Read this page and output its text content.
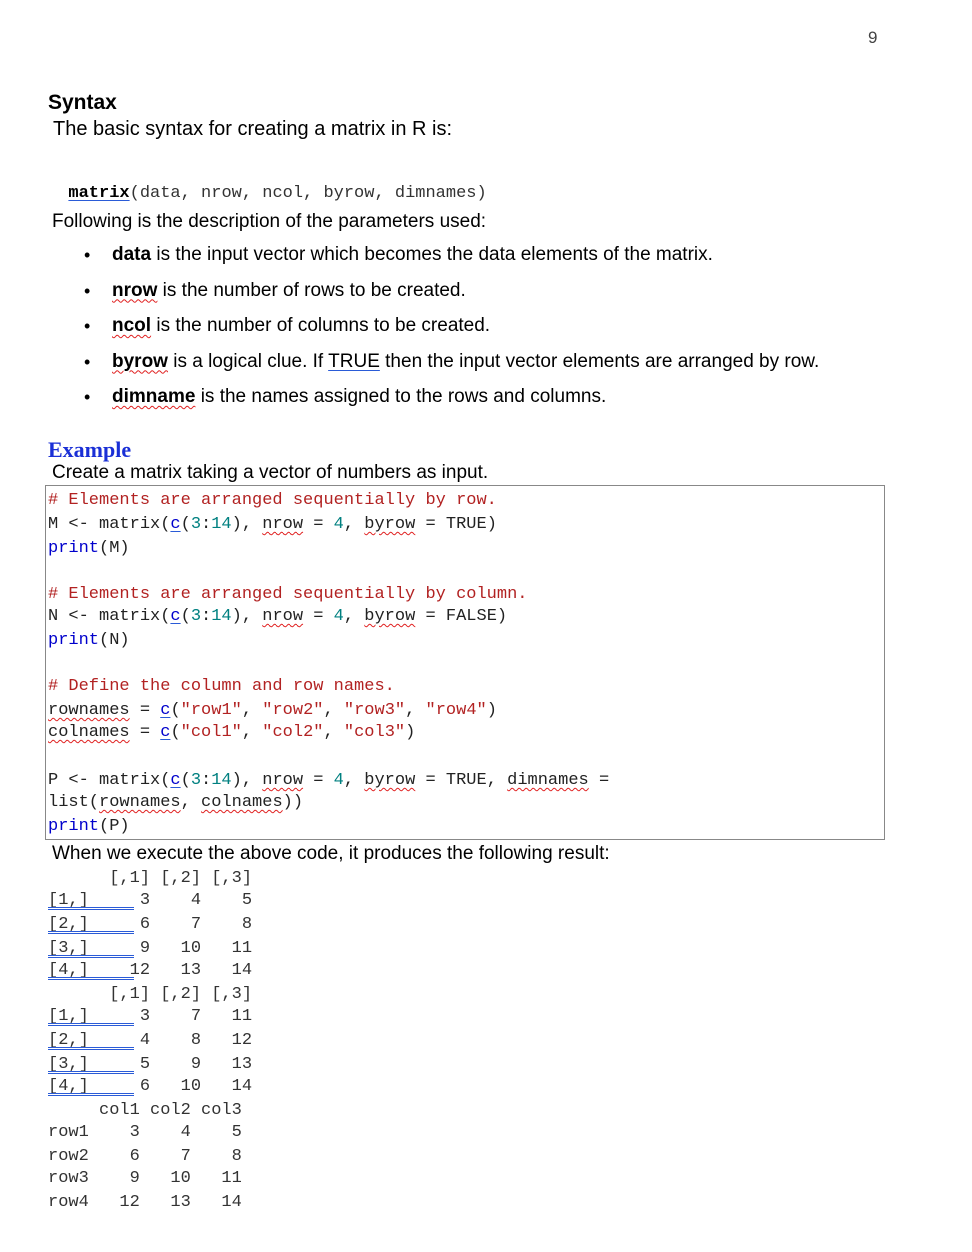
9
Syntax
The basic syntax for creating a matrix in R is:

matrix(data, nrow, ncol, byrow, dimnames)

Following is the description of the parameters used:
• data is the input vector which becomes the data elements of the matrix.
• nrow is the number of rows to be created.
• ncol is the number of columns to be created.
• byrow is a logical clue. If TRUE then the input vector elements are arranged by row.
• dimname is the names assigned to the rows and columns.
Example
Create a matrix taking a vector of numbers as input.
# Elements are arranged sequentially by row.
M <- matrix(c(3:14), nrow = 4, byrow = TRUE)
print(M)
# Elements are arranged sequentially by column.
N <- matrix(c(3:14), nrow = 4, byrow = FALSE)
print(N)
# Define the column and row names.
rownames = c("row1", "row2", "row3", "row4")
colnames = c("col1", "col2", "col3")
P <- matrix(c(3:14), nrow = 4, byrow = TRUE, dimnames =
list(rownames, colnames))
print(P)
When we execute the above code, it produces the following result:
[,1] [,2] [,3]
[1,]     3    4    5
[2,]     6    7    8
[3,]     9   10   11
[4,]    12   13   14
[,1] [,2] [,3]
[1,]     3    7   11
[2,]     4    8   12
[3,]     5    9   13
[4,]     6   10   14
col1 col2 col3
row1    3    4    5
row2    6    7    8
row3    9   10   11
row4   12   13   14
